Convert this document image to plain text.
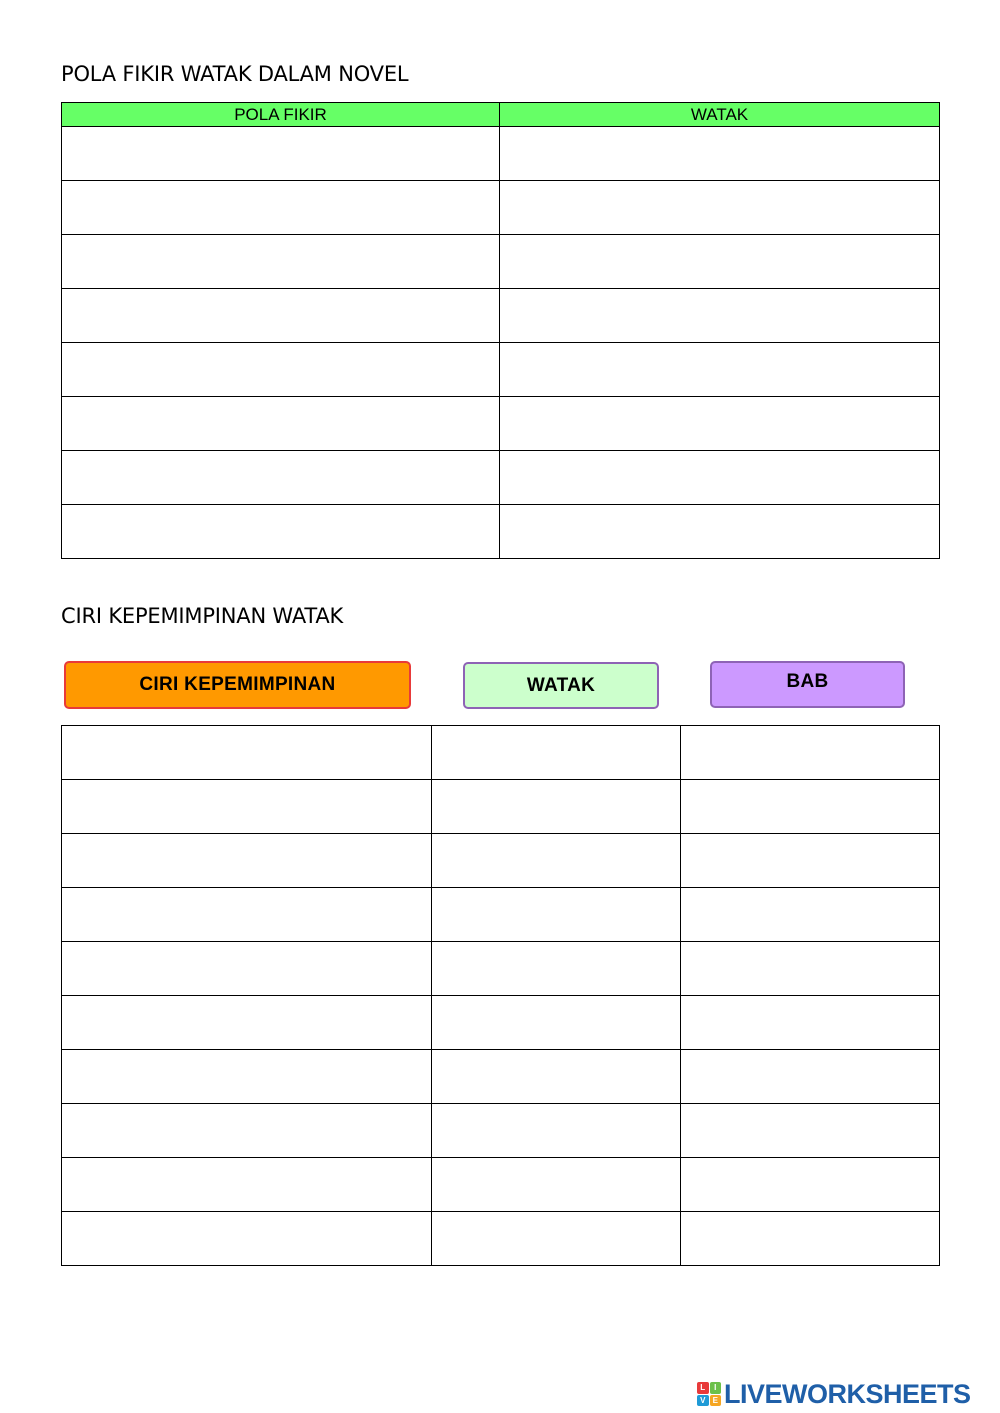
POLA FIKIR WATAK DALAM NOVEL
POLA FIKIR	WATAK

CIRI KEPEMIMPINAN WATAK
CIRI KEPEMIMPINAN	WATAK	BAB

L	I
V E LIVEWORKSHEETS
